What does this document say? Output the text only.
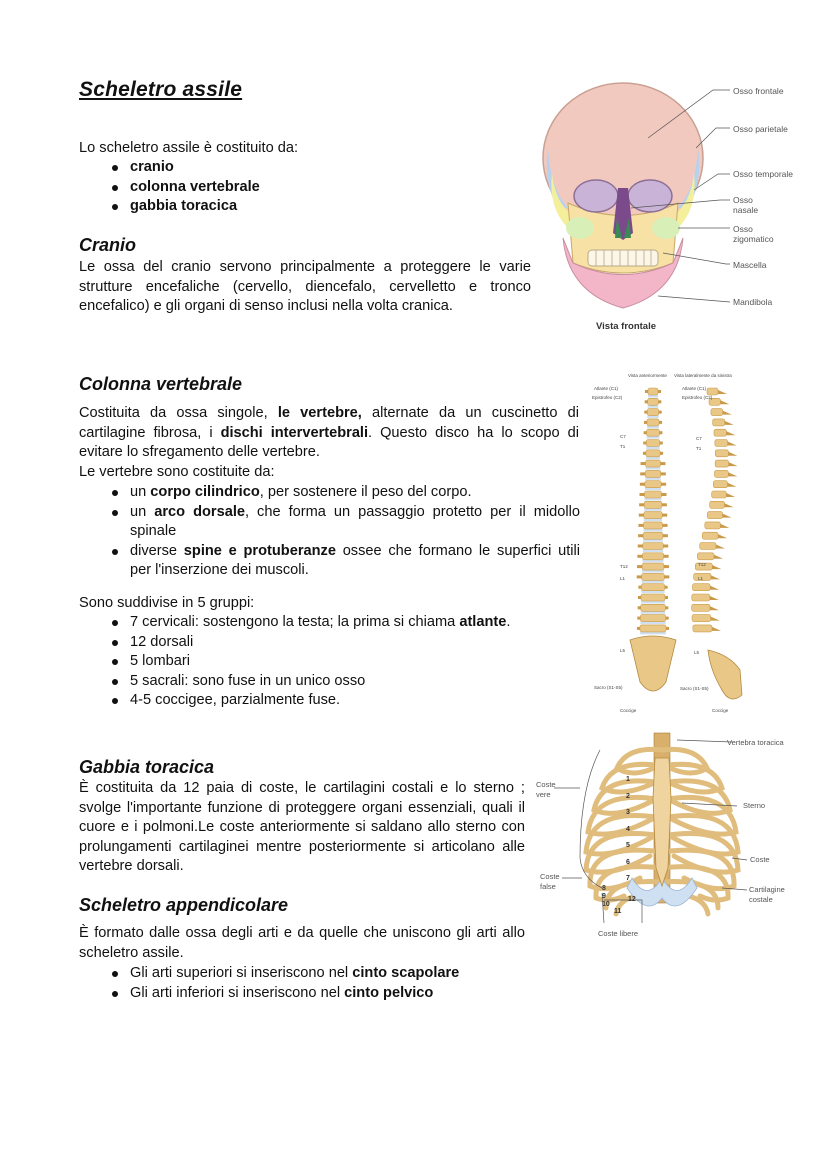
Scheletro assile
Lo scheletro assile è costituito da:
cranio
colonna vertebrale
gabbia toracica
Cranio
Le ossa del cranio servono principalmente a proteggere le varie strutture encefaliche (cervello, diencefalo, cervelletto e tronco encefalico) e gli organi di senso inclusi nella volta cranica.
Osso frontale
Osso parietale
Osso temporale
Osso nasale
Osso zigomatico
Mascella
Mandibola
Vista frontale
Colonna vertebrale
Costituita da ossa singole, le vertebre, alternate da un cuscinetto di cartilagine fibrosa, i dischi intervertebrali. Questo disco ha lo scopo di evitare lo sfregamento delle vertebre.
Le vertebre sono costituite da:
un corpo cilindrico, per sostenere il peso del corpo.
un arco dorsale, che forma un passaggio protetto per il midollo spinale
diverse spine e protuberanze ossee che formano le superfici utili per l'inserzione dei muscoli.
Sono suddivise in 5 gruppi:
7 cervicali: sostengono la testa; la prima si chiama atlante.
12 dorsali
5 lombari
5 sacrali: sono fuse in un unico osso
4-5 coccigee, parzialmente fuse.
Vista anteriormente Vista lateralmente da sinistra
Atlante (C1)
Epistrofeo (C2)
C7
T1
T12
L1
L5
Sacro (S1-S5)
Coccige
Atlante (C1)
Epistrofeo (C2)
C7
T1
T12
L1
L5
Sacro (S1-S5)
Coccige
Gabbia toracica
È costituita da 12 paia di coste, le cartilagini costali e lo sterno ; svolge l'importante funzione di proteggere organi essenziali, quali il cuore e i polmoni.Le coste anteriormente si saldano allo sterno con prolungamenti cartilaginei mentre posteriormente si articolano alle vertebre dorsali.
Vertebra toracica
Sterno
Coste
Cartilagine costale
Coste vere
Coste false
Coste libere
1
2
3
4
5
6
7
8
9
10
11
12
Scheletro appendicolare
È formato dalle ossa degli arti e da quelle che uniscono gli arti allo scheletro assile.
Gli arti superiori si inseriscono nel cinto scapolare
Gli arti inferiori si inseriscono nel cinto pelvico
